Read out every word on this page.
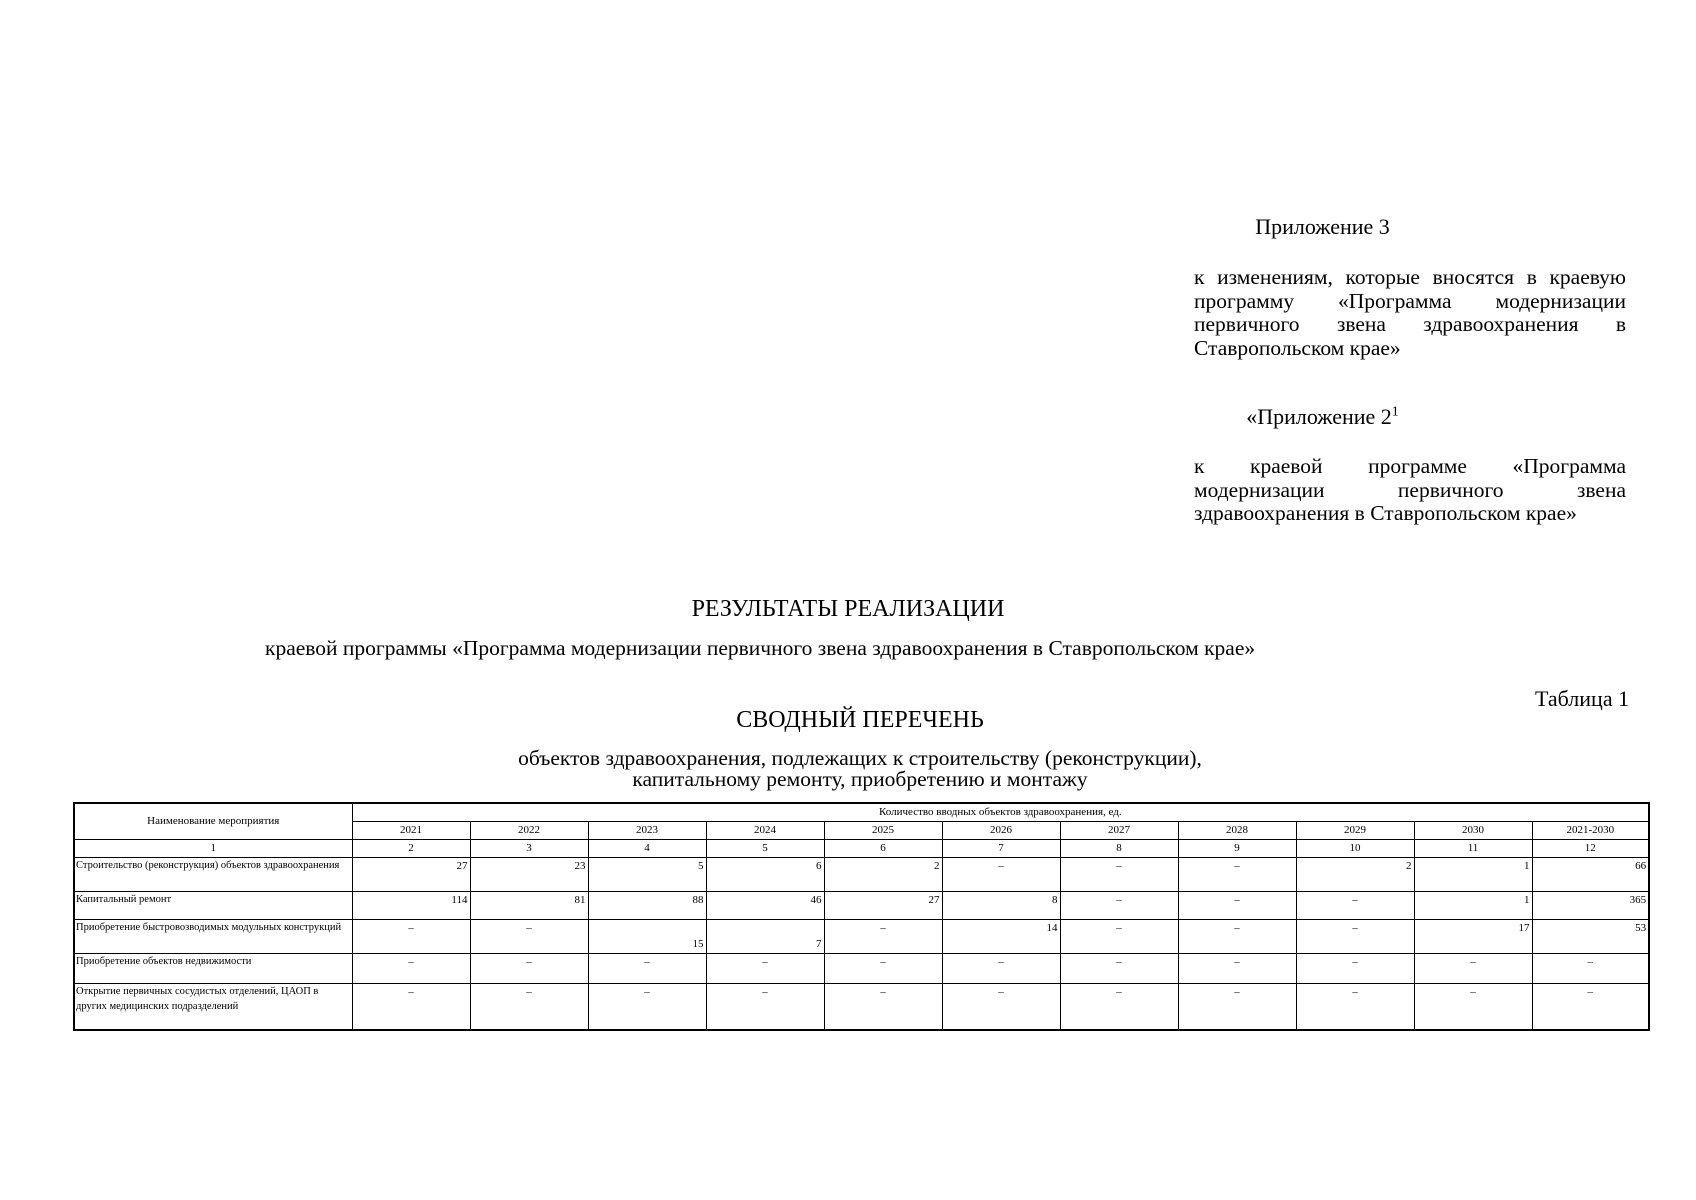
Приложение 3
к изменениям, которые вносятся в краевую программу «Программа модернизации первичного звена здравоохранения в Ставропольском крае»
«Приложение $2^1$
к краевой программе «Программа модернизации первичного звена здравоохранения в Ставропольском крае»
РЕЗУЛЬТАТЫ РЕАЛИЗАЦИИ
краевой программы «Программа модернизации первичного звена здравоохранения в Ставропольском крае»
Таблица 1
СВОДНЫЙ ПЕРЕЧЕНЬ
объектов здравоохранения, подлежащих к строительству (реконструкции),
капитальному ремонту, приобретению и монтажу
Наименование мероприятия	Количество вводных объектов здравоохранения, ед.										
	2021	2022	2023	2024	2025	2026	2027	2028	2029	2030	2021-2030
1	2	3	4	5	6	7	8	9	10	11	12
Строительство (реконструкция) объектов здравоохранения	27	23	5	6	2	–	–	–	2	1	66
Капитальный ремонт	114	81	88	46	27	8	–	–	–	1	365
Приобретение быстровозводимых модульных конструкций	–	–	15	7	–	14	–	–	–	17	53
Приобретение объектов недвижимости	–	–	–	–	–	–	–	–	–	–	–
Открытие первичных сосудистых отделений, ЦАОП в других медицинских подразделений	–	–	–	–	–	–	–	–	–	–	–
